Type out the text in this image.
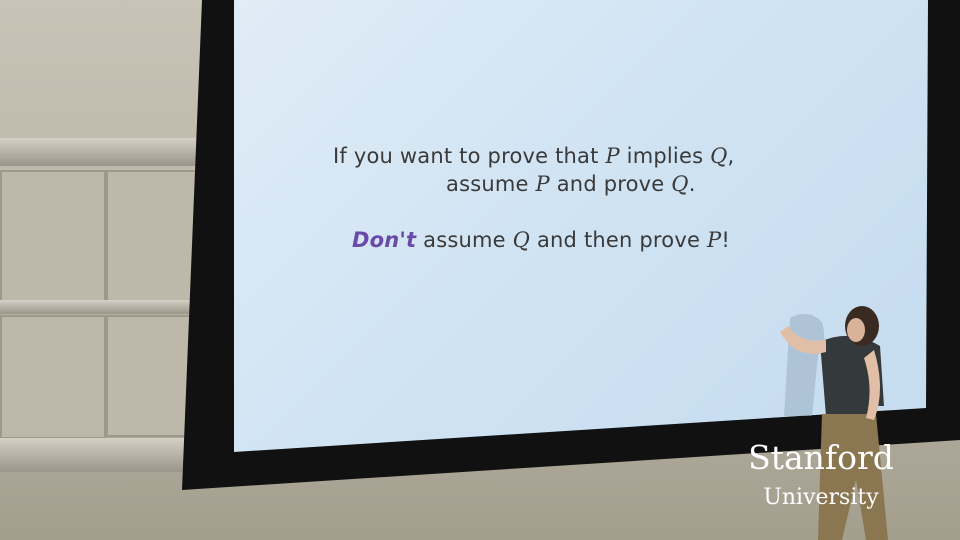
If you want to prove that P implies Q,
assume P and prove Q.
Don't assume Q and then prove P!
Stanford
University
